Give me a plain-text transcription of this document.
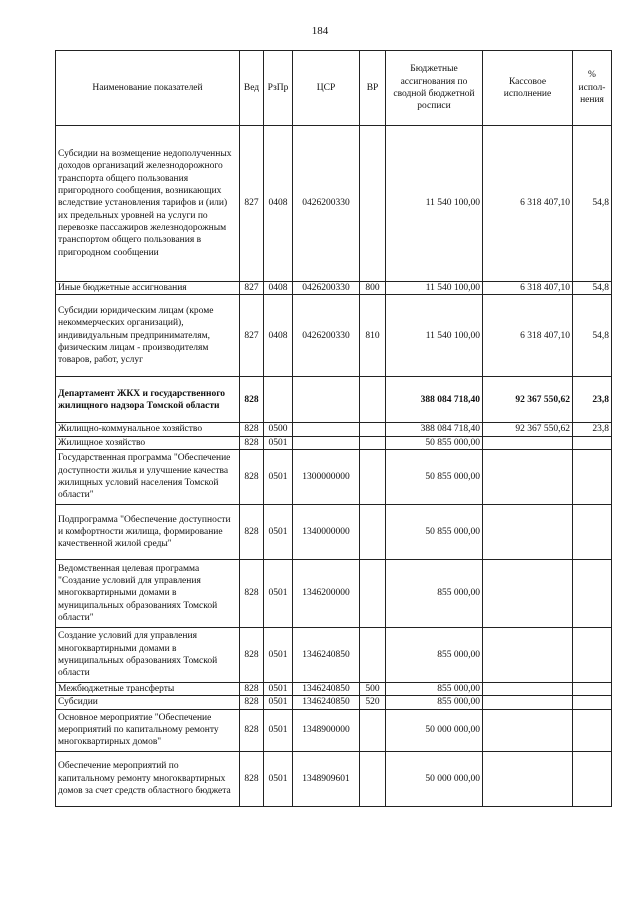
184
Наименование показателей	Вед	РзПр	ЦСР	ВР	Бюджетные ассигнования по сводной бюджетной росписи	Кассовое исполнение	% испол-нения
Субсидии на возмещение недополученных доходов организаций железнодорожного транспорта общего пользования пригородного сообщения, возникающих вследствие установления тарифов и (или) их предельных уровней на услуги по перевозке пассажиров железнодорожным транспортом общего пользования в пригородном сообщении	827	0408	0426200330		11 540 100,00	6 318 407,10	54,8
Иные бюджетные ассигнования	827	0408	0426200330	800	11 540 100,00	6 318 407,10	54,8
Субсидии юридическим лицам (кроме некоммерческих организаций), индивидуальным предпринимателям, физическим лицам - производителям товаров, работ, услуг	827	0408	0426200330	810	11 540 100,00	6 318 407,10	54,8
Департамент ЖКХ и государственного жилищного надзора Томской области	828				388 084 718,40	92 367 550,62	23,8
Жилищно-коммунальное хозяйство	828	0500			388 084 718,40	92 367 550,62	23,8
Жилищное хозяйство	828	0501			50 855 000,00		
Государственная программа "Обеспечение доступности жилья и улучшение качества жилищных условий населения Томской области"	828	0501	1300000000		50 855 000,00		
Подпрограмма "Обеспечение доступности и комфортности жилища, формирование качественной жилой среды"	828	0501	1340000000		50 855 000,00		
Ведомственная целевая программа "Создание условий для управления многоквартирными домами в муниципальных образованиях Томской области"	828	0501	1346200000		855 000,00		
Создание условий для управления многоквартирными домами в муниципальных образованиях Томской области	828	0501	1346240850		855 000,00		
Межбюджетные трансферты	828	0501	1346240850	500	855 000,00		
Субсидии	828	0501	1346240850	520	855 000,00		
Основное мероприятие "Обеспечение мероприятий по капитальному ремонту многоквартирных домов"	828	0501	1348900000		50 000 000,00		
Обеспечение мероприятий по капитальному ремонту многоквартирных домов за счет средств областного бюджета	828	0501	1348909601		50 000 000,00		
